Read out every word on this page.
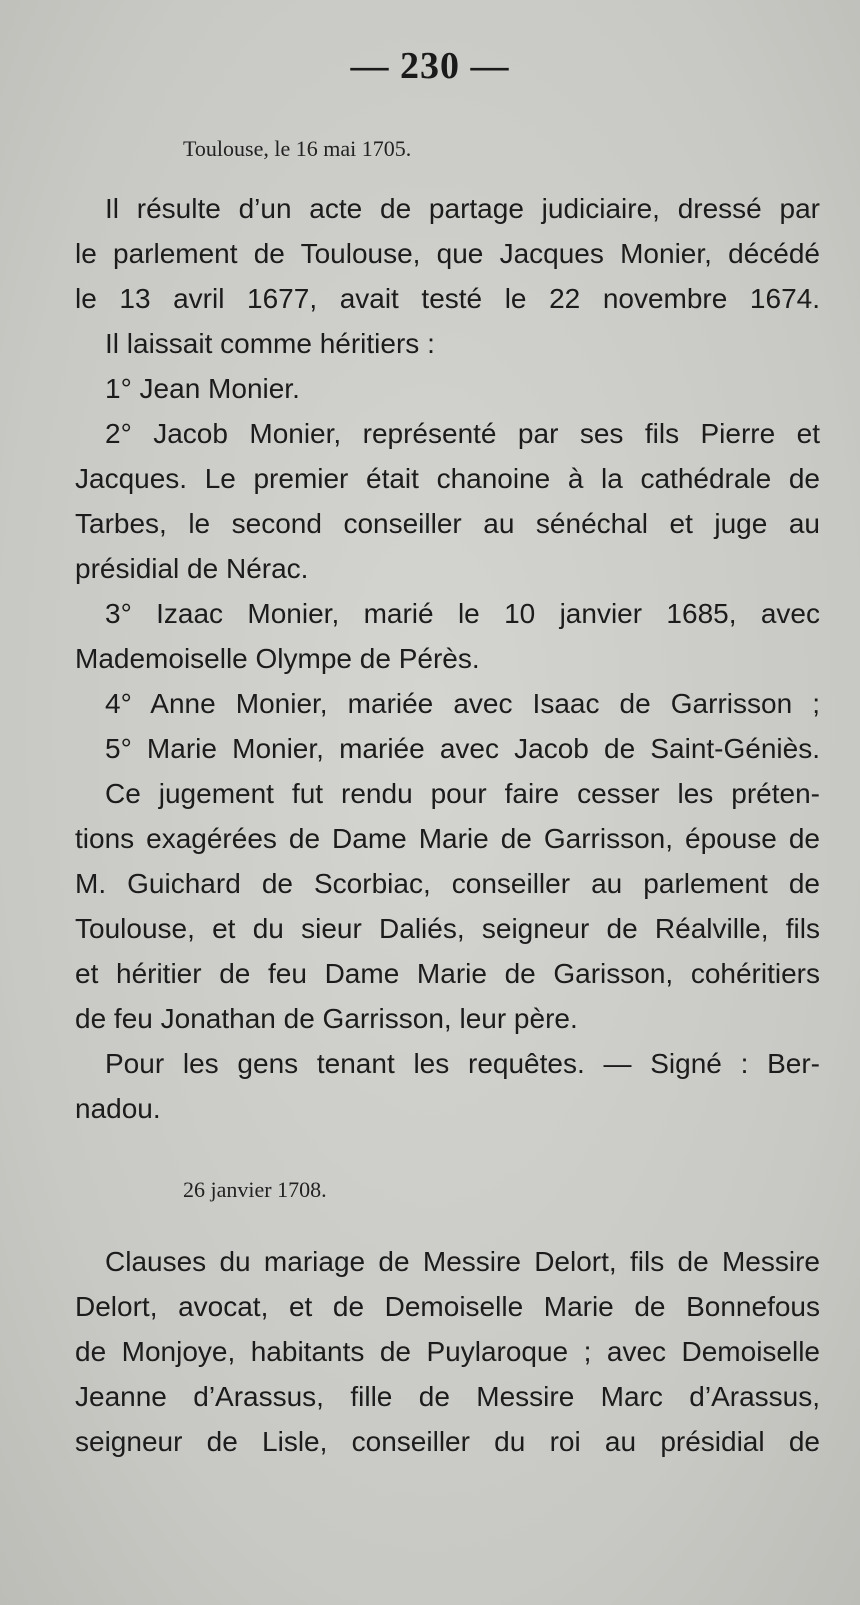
— 230 —
Toulouse, le 16 mai 1705.
Il résulte d’un acte de partage judiciaire, dressé par
le parlement de Toulouse, que Jacques Monier, décédé
le 13 avril 1677, avait testé le 22 novembre 1674.
Il laissait comme héritiers :
1° Jean Monier.
2° Jacob Monier, représenté par ses fils Pierre et
Jacques. Le premier était chanoine à la cathédrale de
Tarbes, le second conseiller au sénéchal et juge au
présidial de Nérac.
3° Izaac Monier, marié le 10 janvier 1685, avec
Mademoiselle Olympe de Pérès.
4° Anne Monier, mariée avec Isaac de Garrisson ;
5° Marie Monier, mariée avec Jacob de Saint-Géniès.
Ce jugement fut rendu pour faire cesser les préten-
tions exagérées de Dame Marie de Garrisson, épouse de
M. Guichard de Scorbiac, conseiller au parlement de
Toulouse, et du sieur Daliés, seigneur de Réalville, fils
et héritier de feu Dame Marie de Garisson, cohéritiers
de feu Jonathan de Garrisson, leur père.
Pour les gens tenant les requêtes. — Signé : Ber-
nadou.
26 janvier 1708.
Clauses du mariage de Messire Delort, fils de Messire
Delort, avocat, et de Demoiselle Marie de Bonnefous
de Monjoye, habitants de Puylaroque ; avec Demoiselle
Jeanne d’Arassus, fille de Messire Marc d’Arassus,
seigneur de Lisle, conseiller du roi au présidial de
